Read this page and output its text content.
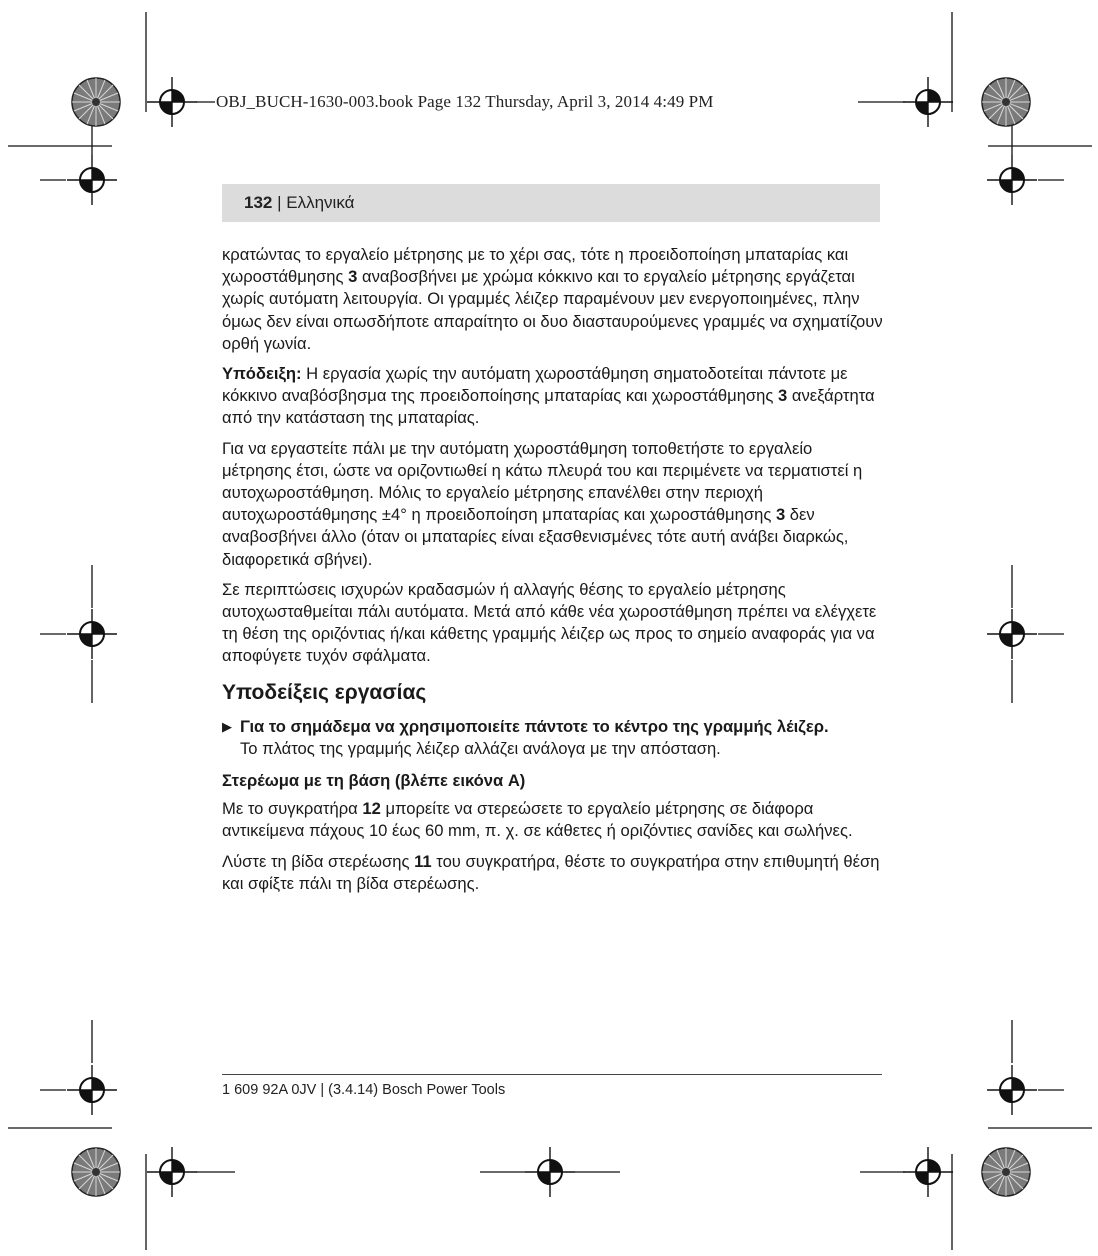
OBJ_BUCH-1630-003.book Page 132 Thursday, April 3, 2014 4:49 PM
132 | Ελληνικά

κρατώντας το εργαλείο μέτρησης με το χέρι σας, τότε η προειδοποίηση μπαταρίας και χωροστάθμησης 3 αναβοσβήνει με χρώμα κόκκινο και το εργαλείο μέτρησης εργάζεται χωρίς αυτόματη λειτουργία. Οι γραμμές λέιζερ παραμένουν μεν ενεργοποιημένες, πλην όμως δεν είναι οπωσδήποτε απαραίτητο οι δυο διασταυρούμενες γραμμές να σχηματίζουν ορθή γωνία.

Υπόδειξη: Η εργασία χωρίς την αυτόματη χωροστάθμηση σηματοδοτείται πάντοτε με κόκκινο αναβόσβησμα της προειδοποίησης μπαταρίας και χωροστάθμησης 3 ανεξάρτητα από την κατάσταση της μπαταρίας.

Για να εργαστείτε πάλι με την αυτόματη χωροστάθμηση τοποθετήστε το εργαλείο μέτρησης έτσι, ώστε να οριζοντιωθεί η κάτω πλευρά του και περιμένετε να τερματιστεί η αυτοχωροστάθμηση. Μόλις το εργαλείο μέτρησης επανέλθει στην περιοχή αυτοχωροστάθμησης ±4° η προειδοποίηση μπαταρίας και χωροστάθμησης 3 δεν αναβοσβήνει άλλο (όταν οι μπαταρίες είναι εξασθενισμένες τότε αυτή ανάβει διαρκώς, διαφορετικά σβήνει).

Σε περιπτώσεις ισχυρών κραδασμών ή αλλαγής θέσης το εργαλείο μέτρησης αυτοχωσταθμείται πάλι αυτόματα. Μετά από κάθε νέα χωροστάθμηση πρέπει να ελέγχετε τη θέση της οριζόντιας ή/και κάθετης γραμμής λέιζερ ως προς το σημείο αναφοράς για να αποφύγετε τυχόν σφάλματα.

Υποδείξεις εργασίας
▶ Για το σημάδεμα να χρησιμοποιείτε πάντοτε το κέντρο της γραμμής λέιζερ.
Το πλάτος της γραμμής λέιζερ αλλάζει ανάλογα με την απόσταση.
Στερέωμα με τη βάση (βλέπε εικόνα A)

Με το συγκρατήρα 12 μπορείτε να στερεώσετε το εργαλείο μέτρησης σε διάφορα αντικείμενα πάχους 10 έως 60 mm, π. χ. σε κάθετες ή οριζόντιες σανίδες και σωλήνες.

Λύστε τη βίδα στερέωσης 11 του συγκρατήρα, θέστε το συγκρατήρα στην επιθυμητή θέση και σφίξτε πάλι τη βίδα στερέωσης.

1 609 92A 0JV | (3.4.14) Bosch Power Tools
